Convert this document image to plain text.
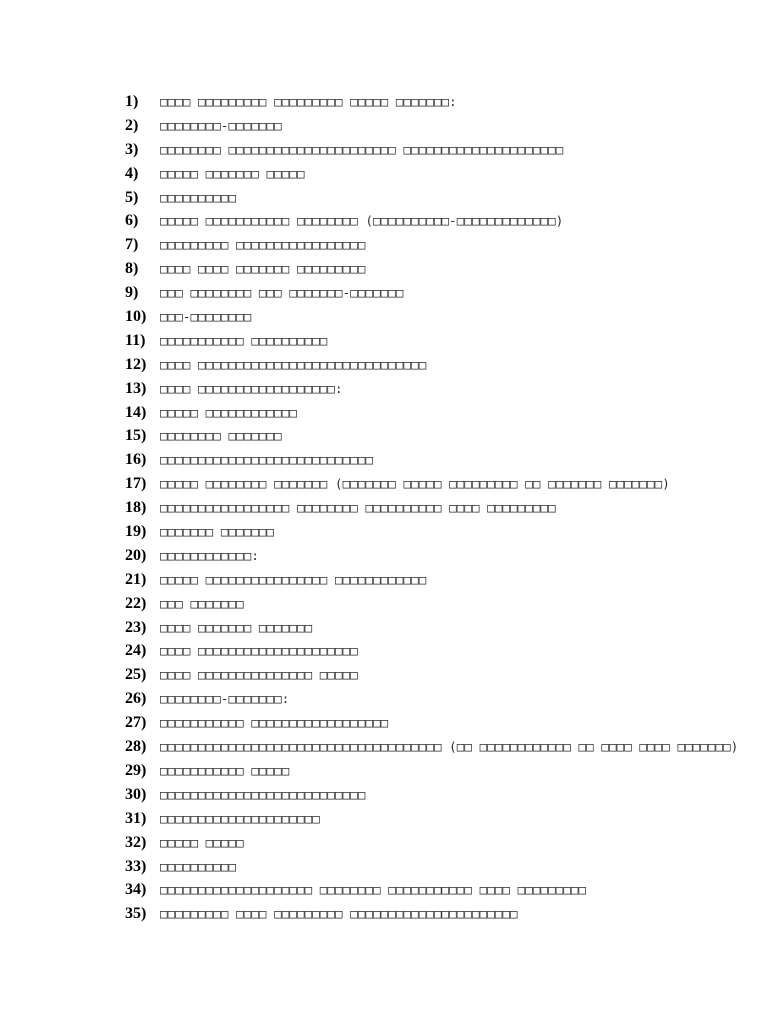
1)	□□□□ □□□□□□□□□ □□□□□□□□□ □□□□□ □□□□□□□:
2)	□□□□□□□□-□□□□□□□
3)	□□□□□□□□ □□□□□□□□□□□□□□□□□□□□□□ □□□□□□□□□□□□□□□□□□□□□
4)	□□□□□ □□□□□□□ □□□□□
5)	□□□□□□□□□□
6)	□□□□□ □□□□□□□□□□□ □□□□□□□□ (□□□□□□□□□□-□□□□□□□□□□□□□)
7)	□□□□□□□□□ □□□□□□□□□□□□□□□□□
8)	□□□□ □□□□ □□□□□□□ □□□□□□□□□
9)	□□□ □□□□□□□□ □□□ □□□□□□□-□□□□□□□
10)	□□□-□□□□□□□□
11)	□□□□□□□□□□□ □□□□□□□□□□
12)	□□□□ □□□□□□□□□□□□□□□□□□□□□□□□□□□□□□
13)	□□□□ □□□□□□□□□□□□□□□□□□:
14)	□□□□□ □□□□□□□□□□□□
15)	□□□□□□□□ □□□□□□□
16)	□□□□□□□□□□□□□□□□□□□□□□□□□□□□
17)	□□□□□ □□□□□□□□ □□□□□□□ (□□□□□□□ □□□□□ □□□□□□□□□ □□ □□□□□□□ □□□□□□□)
18)	□□□□□□□□□□□□□□□□□ □□□□□□□□ □□□□□□□□□□ □□□□ □□□□□□□□□
19)	□□□□□□□ □□□□□□□
20)	□□□□□□□□□□□□:
21)	□□□□□ □□□□□□□□□□□□□□□□ □□□□□□□□□□□□
22)	□□□ □□□□□□□
23)	□□□□ □□□□□□□ □□□□□□□
24)	□□□□ □□□□□□□□□□□□□□□□□□□□□
25)	□□□□ □□□□□□□□□□□□□□□ □□□□□
26)	□□□□□□□□-□□□□□□□:
27)	□□□□□□□□□□□ □□□□□□□□□□□□□□□□□□
28)	□□□□□□□□□□□□□□□□□□□□□□□□□□□□□□□□□□□□□ (□□ □□□□□□□□□□□□ □□ □□□□ □□□□ □□□□□□□)
29)	□□□□□□□□□□□ □□□□□
30)	□□□□□□□□□□□□□□□□□□□□□□□□□□□
31)	□□□□□□□□□□□□□□□□□□□□□
32)	□□□□□ □□□□□
33)	□□□□□□□□□□
34)	□□□□□□□□□□□□□□□□□□□□ □□□□□□□□ □□□□□□□□□□□ □□□□ □□□□□□□□□
35)	□□□□□□□□□ □□□□ □□□□□□□□□ □□□□□□□□□□□□□□□□□□□□□□
